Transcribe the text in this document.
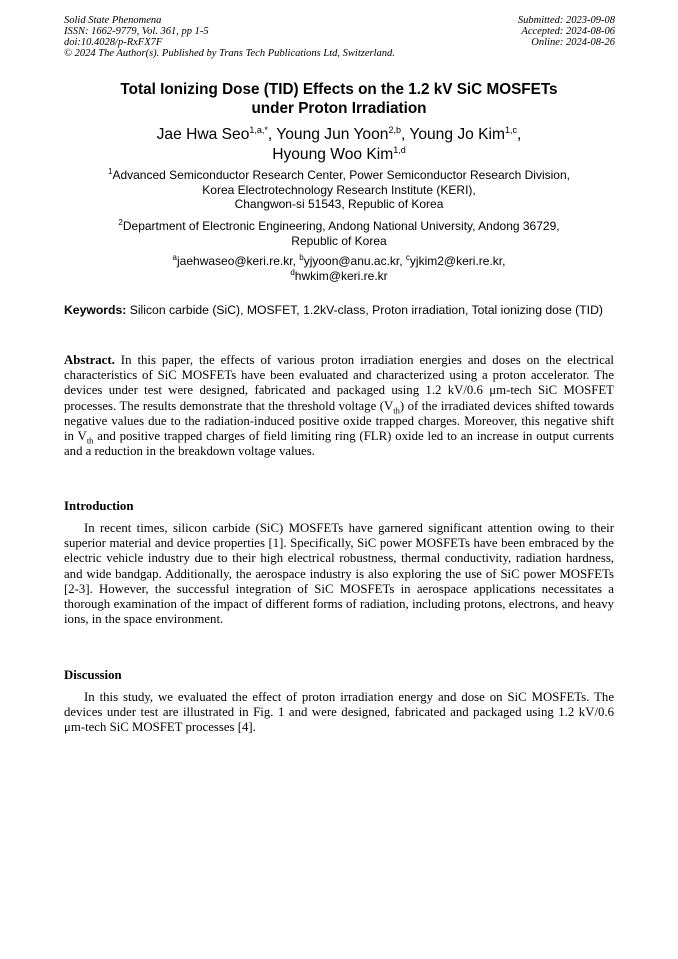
Solid State Phenomena	Submitted: 2023-09-08
ISSN: 1662-9779, Vol. 361, pp 1-5	Accepted: 2024-08-06
doi:10.4028/p-RxFX7F	Online: 2024-08-26
© 2024 The Author(s). Published by Trans Tech Publications Ltd, Switzerland.
Total Ionizing Dose (TID) Effects on the 1.2 kV SiC MOSFETs
under Proton Irradiation
Jae Hwa Seo$^{1,a,*}$, Young Jun Yoon$^{2,b}$, Young Jo Kim$^{1,c}$,
Hyoung Woo Kim$^{1,d}$
$^1$Advanced Semiconductor Research Center, Power Semiconductor Research Division,
Korea Electrotechnology Research Institute (KERI),
Changwon-si 51543, Republic of Korea
$^2$Department of Electronic Engineering, Andong National University, Andong 36729,
Republic of Korea
$^a$jaehwaseo@keri.re.kr, $^b$yjyoon@anu.ac.kr, $^c$yjkim2@keri.re.kr,
$^d$hwkim@keri.re.kr
Keywords: Silicon carbide (SiC), MOSFET, 1.2kV-class, Proton irradiation, Total ionizing dose (TID)
Abstract. In this paper, the effects of various proton irradiation energies and doses on the electrical characteristics of SiC MOSFETs have been evaluated and characterized using a proton accelerator. The devices under test were designed, fabricated and packaged using 1.2 kV/0.6 μm-tech SiC MOSFET processes. The results demonstrate that the threshold voltage $(V_{th})$ of the irradiated devices shifted towards negative values due to the radiation-induced positive oxide trapped charges. Moreover, this negative shift in $V_{th}$ and positive trapped charges of field limiting ring (FLR) oxide led to an increase in output currents and a reduction in the breakdown voltage values.
Introduction
In recent times, silicon carbide (SiC) MOSFETs have garnered significant attention owing to their superior material and device properties [1]. Specifically, SiC power MOSFETs have been embraced by the electric vehicle industry due to their high electrical robustness, thermal conductivity, radiation hardness, and wide bandgap. Additionally, the aerospace industry is also exploring the use of SiC power MOSFETs [2-3]. However, the successful integration of SiC MOSFETs in aerospace applications necessitates a thorough examination of the impact of different forms of radiation, including protons, electrons, and heavy ions, in the space environment.
Discussion
In this study, we evaluated the effect of proton irradiation energy and dose on SiC MOSFETs. The devices under test are illustrated in Fig. 1 and were designed, fabricated and packaged using 1.2 kV/0.6 μm-tech SiC MOSFET processes [4].
